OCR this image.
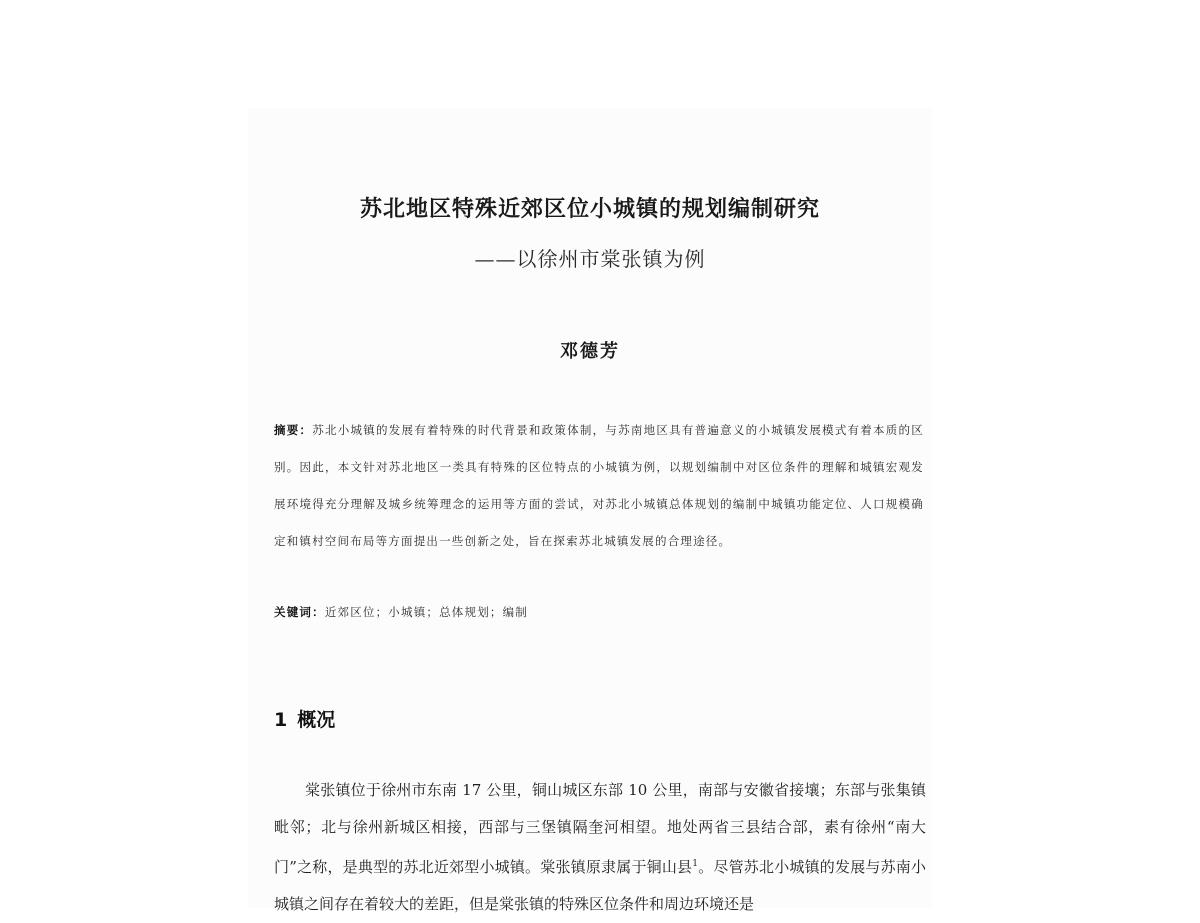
苏北地区特殊近郊区位小城镇的规划编制研究
——以徐州市棠张镇为例
邓德芳
摘要：苏北小城镇的发展有着特殊的时代背景和政策体制，与苏南地区具有普遍意义的小城镇发展模式有着本质的区别。因此，本文针对苏北地区一类具有特殊的区位特点的小城镇为例，以规划编制中对区位条件的理解和城镇宏观发展环境得充分理解及城乡统筹理念的运用等方面的尝试，对苏北小城镇总体规划的编制中城镇功能定位、人口规模确定和镇村空间布局等方面提出一些创新之处，旨在探索苏北城镇发展的合理途径。
关键词：近郊区位；小城镇；总体规划；编制
1 概况
棠张镇位于徐州市东南 17 公里，铜山城区东部 10 公里，南部与安徽省接壤；东部与张集镇毗邻；北与徐州新城区相接，西部与三堡镇隔奎河相望。地处两省三县结合部，素有徐州“南大门”之称，是典型的苏北近郊型小城镇。棠张镇原隶属于铜山县$^1$。尽管苏北小城镇的发展与苏南小城镇之间存在着较大的差距，但是棠张镇的特殊区位条件和周边环境还是
